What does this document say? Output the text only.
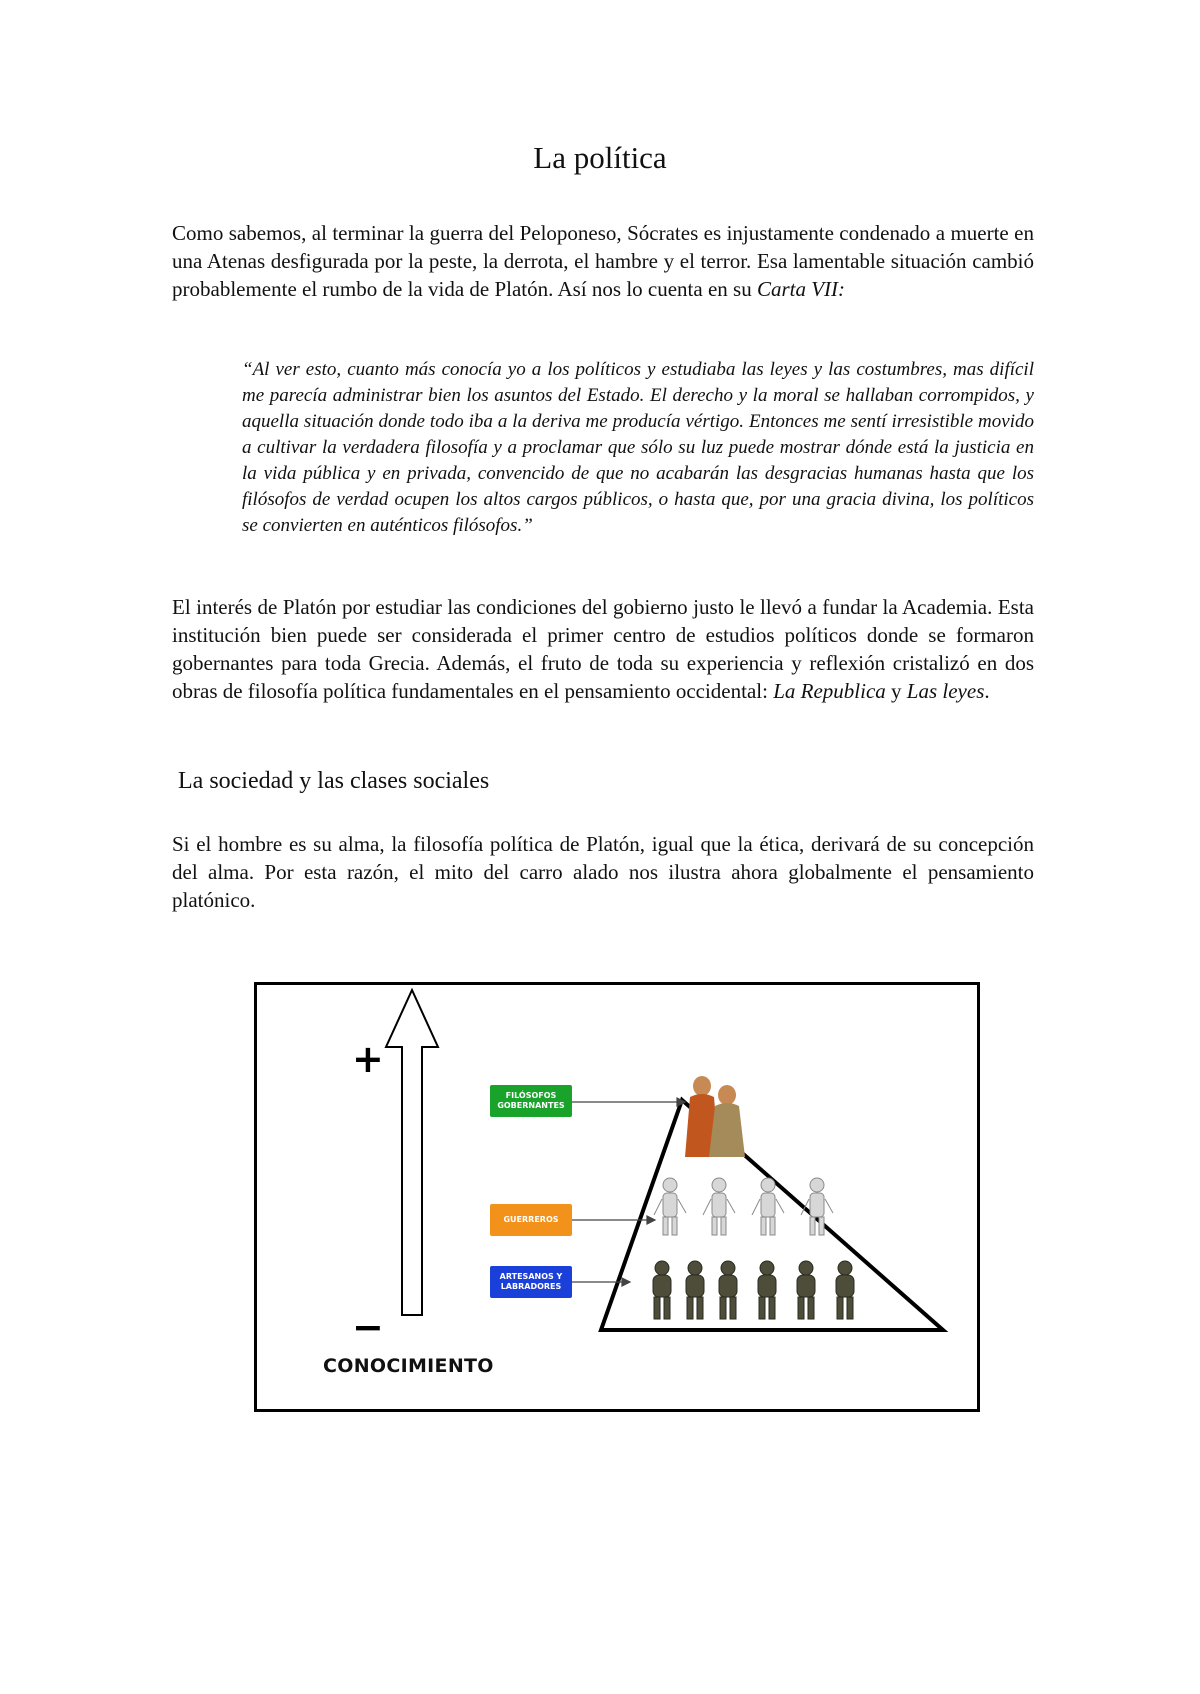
La política

Como sabemos, al terminar la guerra del Peloponeso, Sócrates es injustamente condenado a muerte en una Atenas desfigurada por la peste, la derrota, el hambre y el terror. Esa lamentable situación cambió probablemente el rumbo de la vida de Platón. Así nos lo cuenta en su Carta VII:

“Al ver esto, cuanto más conocía yo a los políticos y estudiaba las leyes y las costumbres, mas difícil me parecía administrar bien los asuntos del Estado. El derecho y la moral se hallaban corrompidos, y aquella situación donde todo iba a la deriva me producía vértigo. Entonces me sentí irresistible movido a cultivar la verdadera filosofía y a proclamar que sólo su luz puede mostrar dónde está la justicia en la vida pública y en privada, convencido de que no acabarán las desgracias humanas hasta que los filósofos de verdad ocupen los altos cargos públicos, o hasta que, por una gracia divina, los políticos se convierten en auténticos filósofos.”

El interés de Platón por estudiar las condiciones del gobierno justo le llevó a fundar la Academia. Esta institución bien puede ser considerada el primer centro de estudios políticos donde se formaron gobernantes para toda Grecia. Además, el fruto de toda su experiencia y reflexión cristalizó en dos obras de filosofía política fundamentales en el pensamiento occidental: La Republica y Las leyes.

La sociedad y las clases sociales

Si el hombre es su alma, la filosofía política de Platón, igual que la ética, derivará de su concepción del alma. Por esta razón, el mito del carro alado nos ilustra ahora globalmente el pensamiento platónico.

+
−
CONOCIMIENTO
FILÓSOFOS GOBERNANTES
GUERREROS
ARTESANOS Y LABRADORES
